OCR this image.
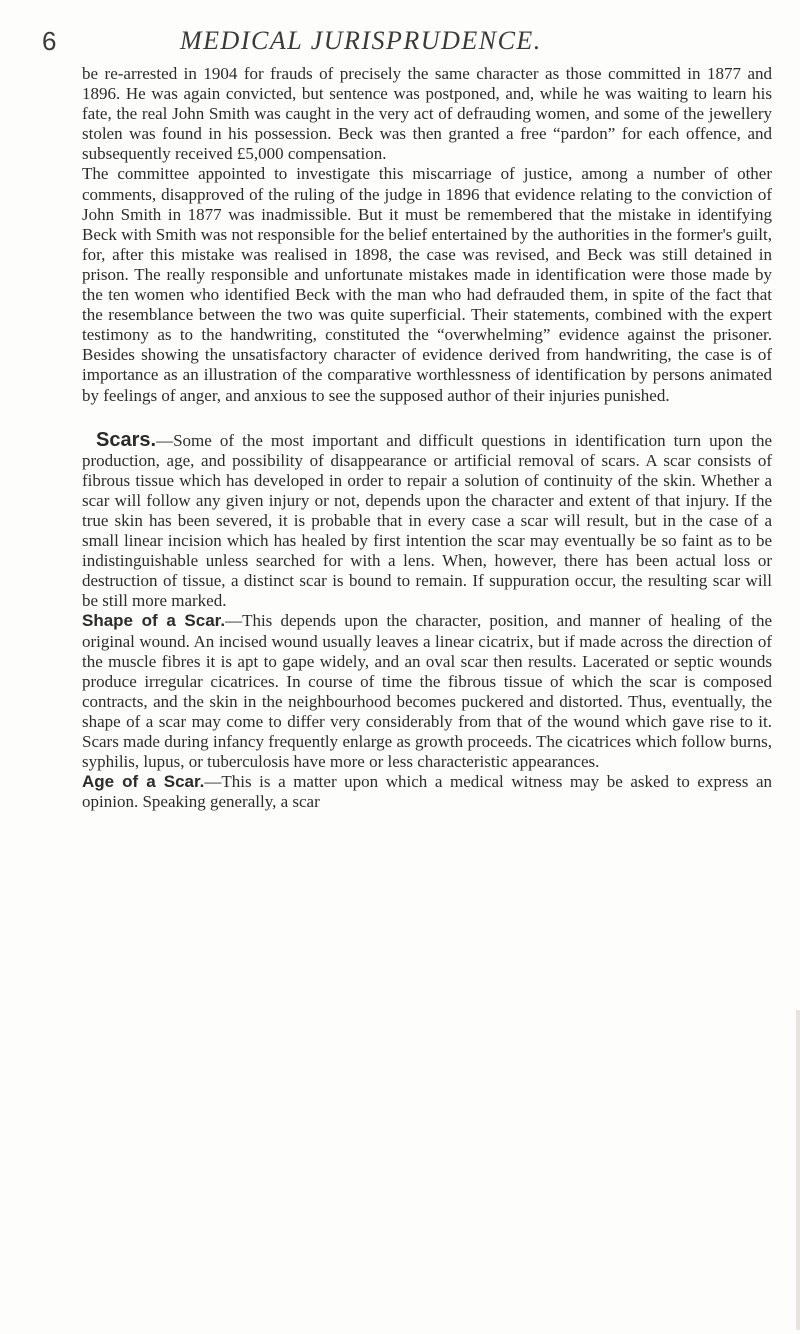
6	MEDICAL JURISPRUDENCE.

be re-arrested in 1904 for frauds of precisely the same character as those committed in 1877 and 1896. He was again convicted, but sentence was postponed, and, while he was waiting to learn his fate, the real John Smith was caught in the very act of defrauding women, and some of the jewellery stolen was found in his possession. Beck was then granted a free “pardon” for each offence, and subsequently received £5,000 compensation.

The committee appointed to investigate this miscarriage of justice, among a number of other comments, disapproved of the ruling of the judge in 1896 that evidence relating to the conviction of John Smith in 1877 was inadmissible. But it must be remembered that the mistake in identifying Beck with Smith was not responsible for the belief entertained by the authorities in the former's guilt, for, after this mistake was realised in 1898, the case was revised, and Beck was still detained in prison. The really responsible and unfortunate mistakes made in identification were those made by the ten women who identified Beck with the man who had defrauded them, in spite of the fact that the resemblance between the two was quite superficial. Their statements, combined with the expert testimony as to the handwriting, constituted the “overwhelming” evidence against the prisoner. Besides showing the unsatisfactory character of evidence derived from handwriting, the case is of importance as an illustration of the comparative worthlessness of identification by persons animated by feelings of anger, and anxious to see the supposed author of their injuries punished.

Scars.—Some of the most important and difficult questions in identification turn upon the production, age, and possibility of disappearance or artificial removal of scars. A scar consists of fibrous tissue which has developed in order to repair a solution of continuity of the skin. Whether a scar will follow any given injury or not, depends upon the character and extent of that injury. If the true skin has been severed, it is probable that in every case a scar will result, but in the case of a small linear incision which has healed by first intention the scar may eventually be so faint as to be indistinguishable unless searched for with a lens. When, however, there has been actual loss or destruction of tissue, a distinct scar is bound to remain. If suppuration occur, the resulting scar will be still more marked.

Shape of a Scar.—This depends upon the character, position, and manner of healing of the original wound. An incised wound usually leaves a linear cicatrix, but if made across the direction of the muscle fibres it is apt to gape widely, and an oval scar then results. Lacerated or septic wounds produce irregular cicatrices. In course of time the fibrous tissue of which the scar is composed contracts, and the skin in the neighbourhood becomes puckered and distorted. Thus, eventually, the shape of a scar may come to differ very considerably from that of the wound which gave rise to it. Scars made during infancy frequently enlarge as growth proceeds. The cicatrices which follow burns, syphilis, lupus, or tuberculosis have more or less characteristic appearances.

Age of a Scar.—This is a matter upon which a medical witness may be asked to express an opinion. Speaking generally, a scar
